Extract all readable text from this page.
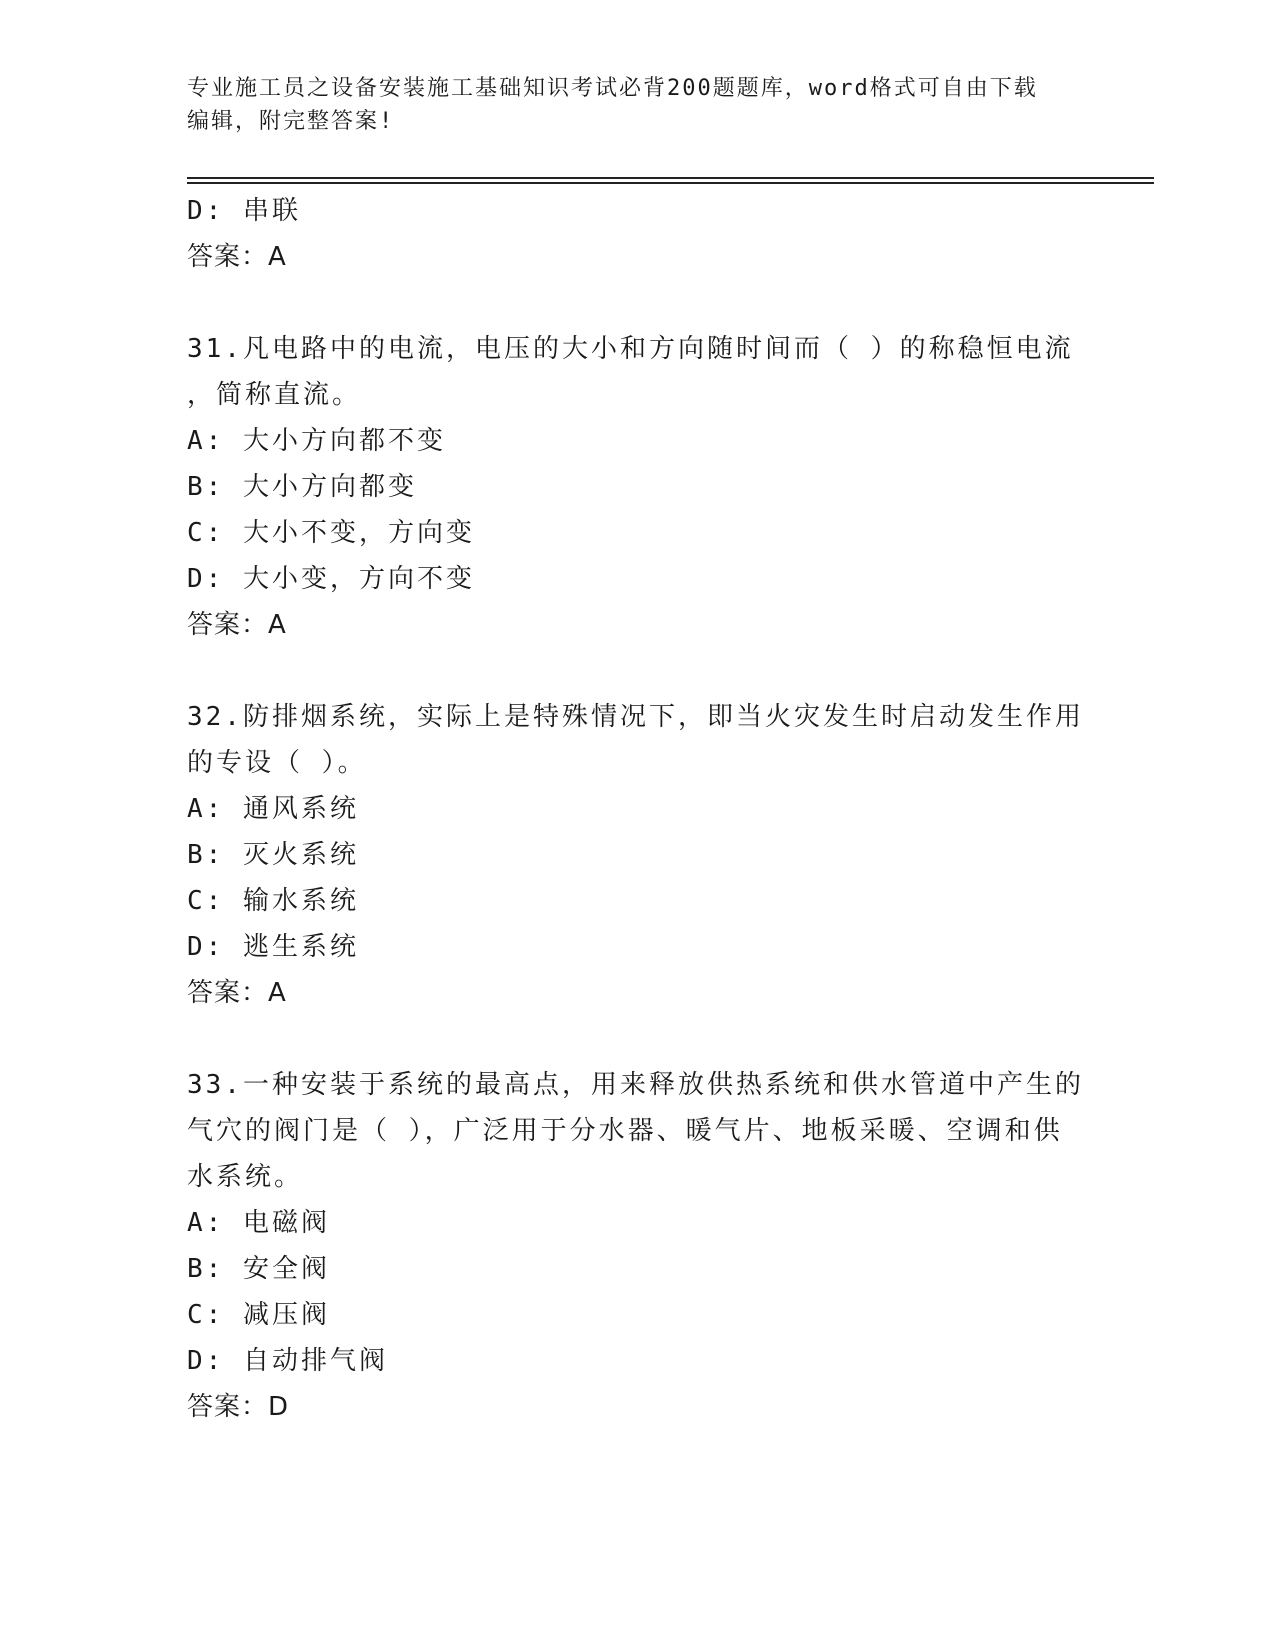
专业施工员之设备安装施工基础知识考试必背200题题库，word格式可自由下载
编辑，附完整答案!
D: 串联
答案：A
31.凡电路中的电流，电压的大小和方向随时间而（ ）的称稳恒电流
，简称直流。
A: 大小方向都不变
B: 大小方向都变
C: 大小不变，方向变
D: 大小变，方向不变
答案：A
32.防排烟系统，实际上是特殊情况下，即当火灾发生时启动发生作用
的专设（ ）。
A: 通风系统
B: 灭火系统
C: 输水系统
D: 逃生系统
答案：A
33.一种安装于系统的最高点，用来释放供热系统和供水管道中产生的
气穴的阀门是（ ），广泛用于分水器、暖气片、地板采暖、空调和供
水系统。
A: 电磁阀
B: 安全阀
C: 减压阀
D: 自动排气阀
答案：D
